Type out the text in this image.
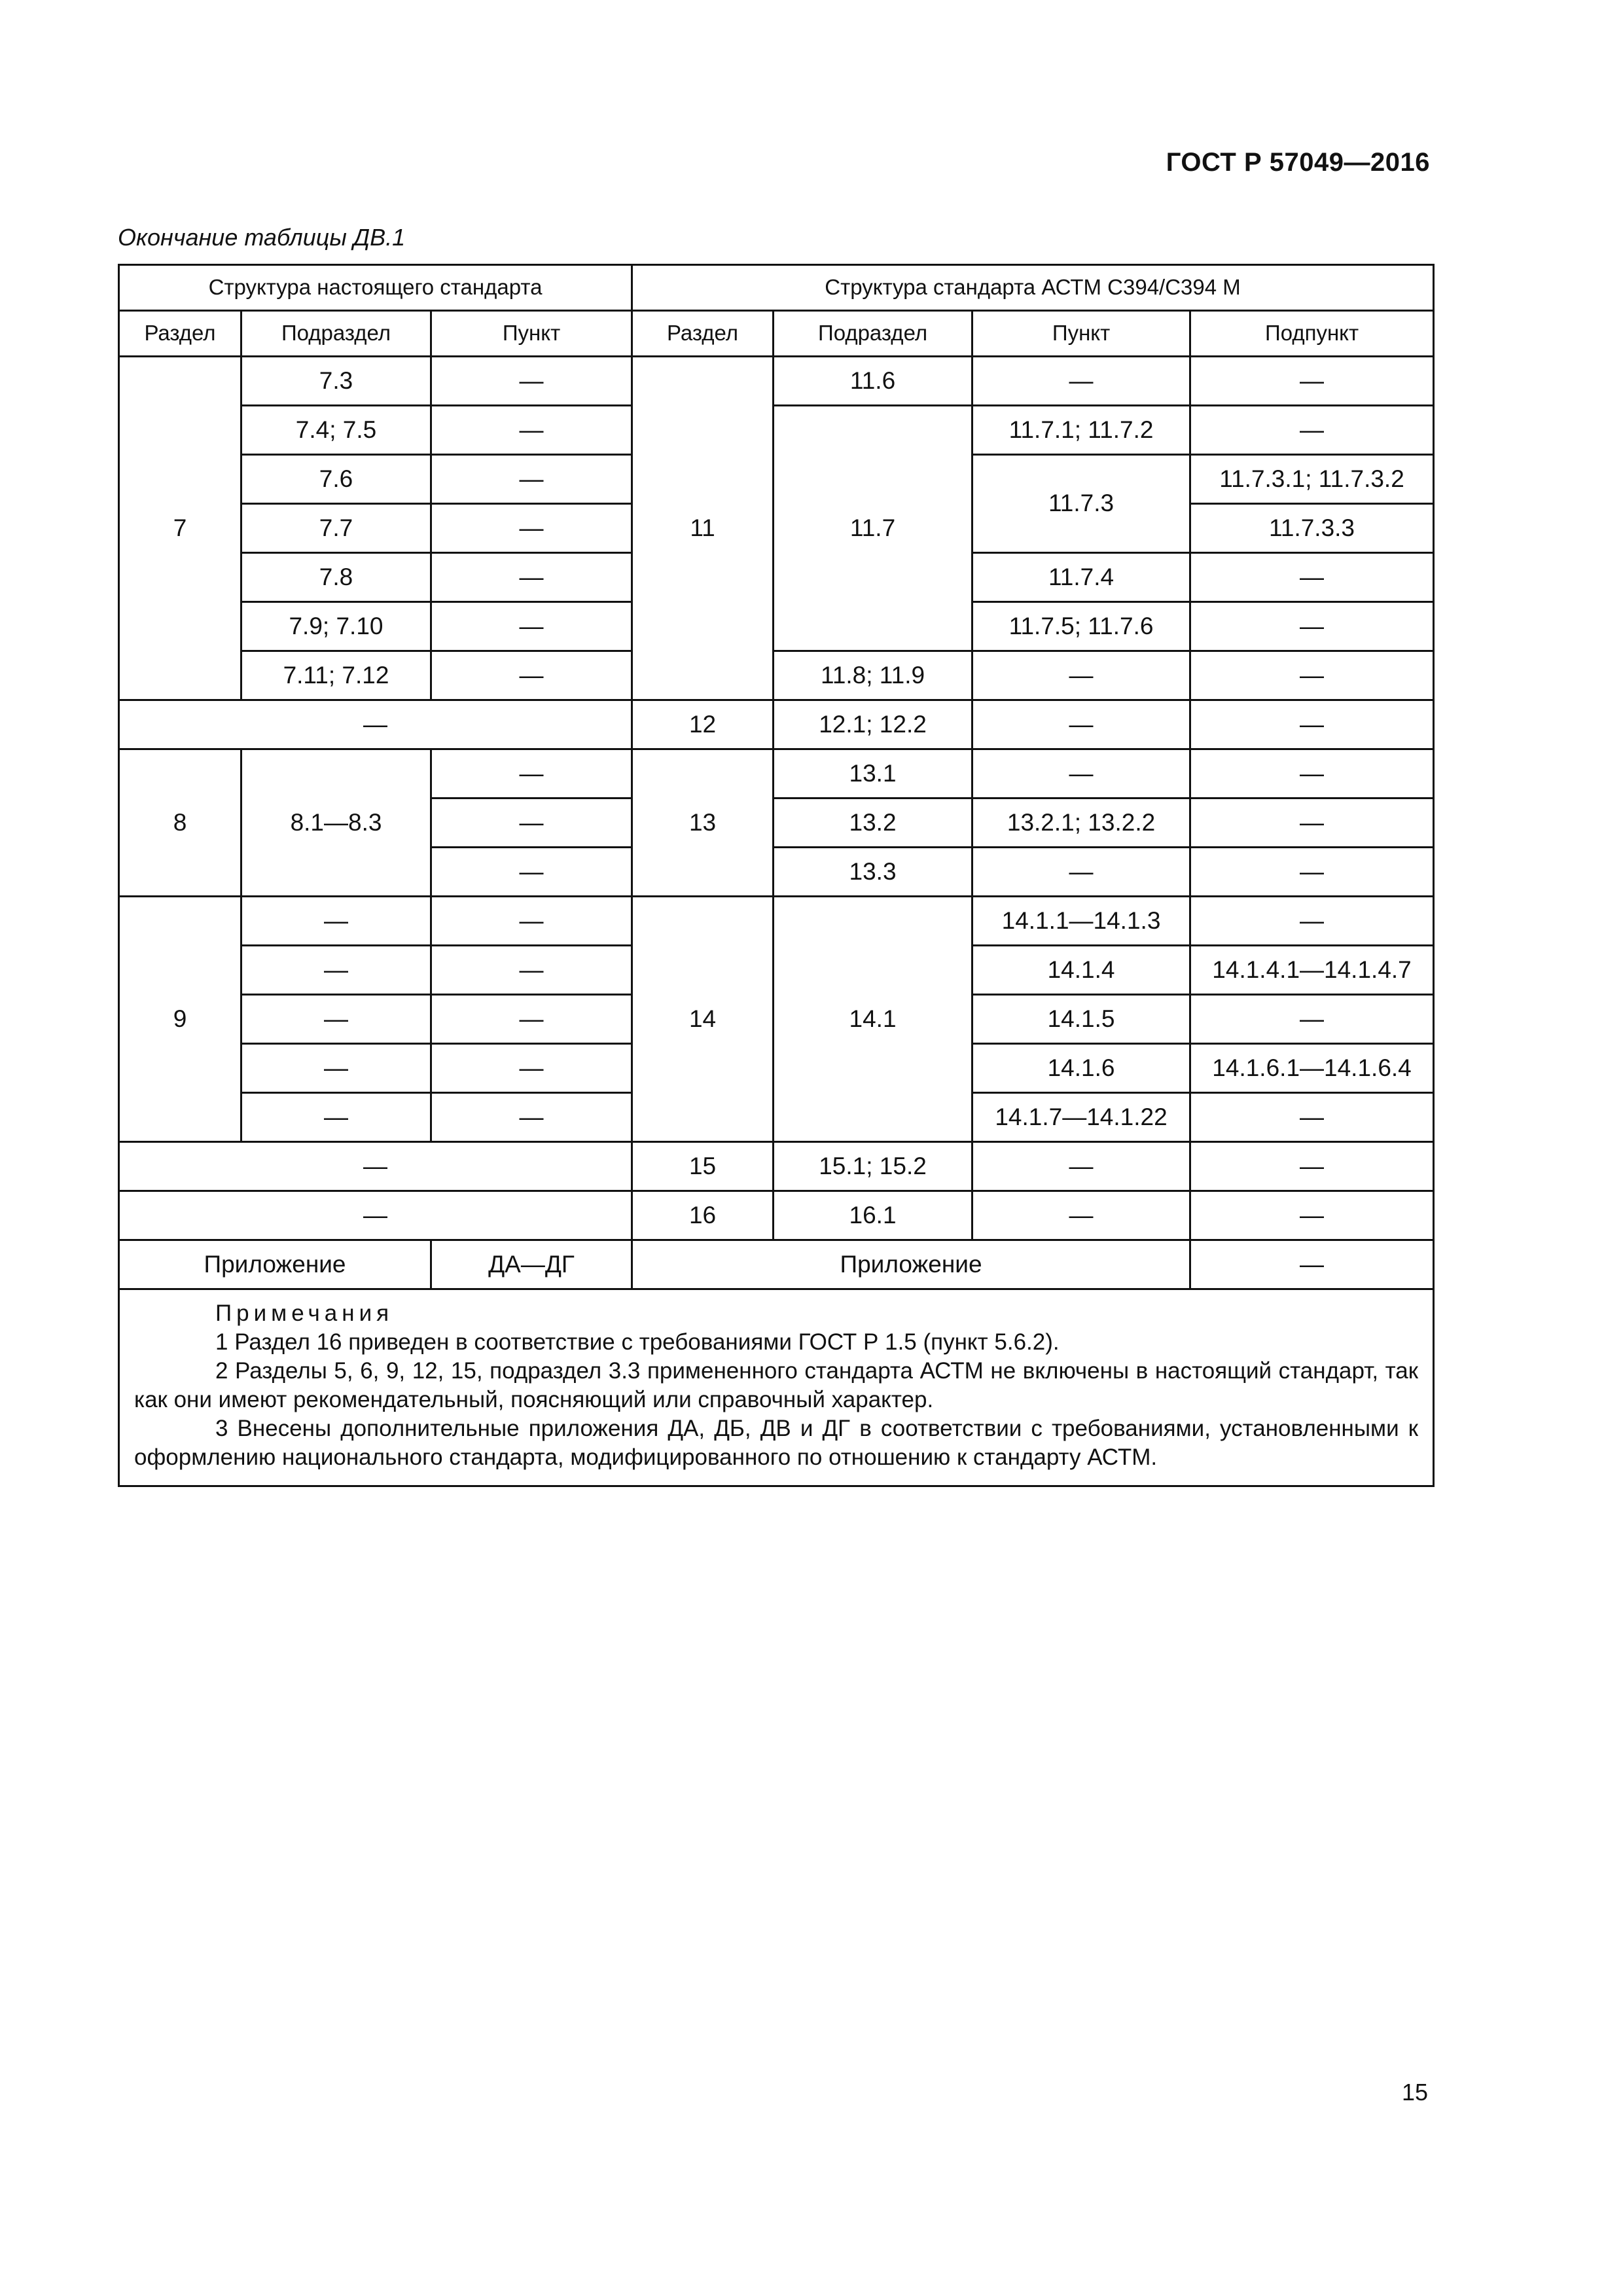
ГОСТ Р 57049—2016
Окончание таблицы ДВ.1
Структура настоящего стандарта			Структура стандарта АСТМ С394/С394 М			
Раздел	Подраздел	Пункт	Раздел	Подраздел	Пункт	Подпункт
7	7.3	—	11	11.6	—	—
	7.4; 7.5	—		11.7	11.7.1; 11.7.2	—
	7.6	—			11.7.3	11.7.3.1; 11.7.3.2
	7.7	—				11.7.3.3
	7.8	—			11.7.4	—
	7.9; 7.10	—			11.7.5; 11.7.6	—
	7.11; 7.12	—		11.8; 11.9	—	—
—			12	12.1; 12.2	—	—
8	8.1—8.3	—	13	13.1	—	—
		—		13.2	13.2.1; 13.2.2	—
		—		13.3	—	—
9	—	—	14	14.1	14.1.1—14.1.3	—
	—	—			14.1.4	14.1.4.1—14.1.4.7
	—	—			14.1.5	—
	—	—			14.1.6	14.1.6.1—14.1.6.4
	—	—			14.1.7—14.1.22	—
—			15	15.1; 15.2	—	—
—			16	16.1	—	—
Приложение		ДА—ДГ	Приложение			—

Примечания
1 Раздел 16 приведен в соответствие с требованиями ГОСТ Р 1.5 (пункт 5.6.2).
2 Разделы 5, 6, 9, 12, 15, подраздел 3.3 примененного стандарта АСТМ не включены в настоящий стандарт, так как они имеют рекомендательный, поясняющий или справочный характер.
3 Внесены дополнительные приложения ДА, ДБ, ДВ и ДГ в соответствии с требованиями, установленными к оформлению национального стандарта, модифицированного по отношению к стандарту АСТМ.						
15
